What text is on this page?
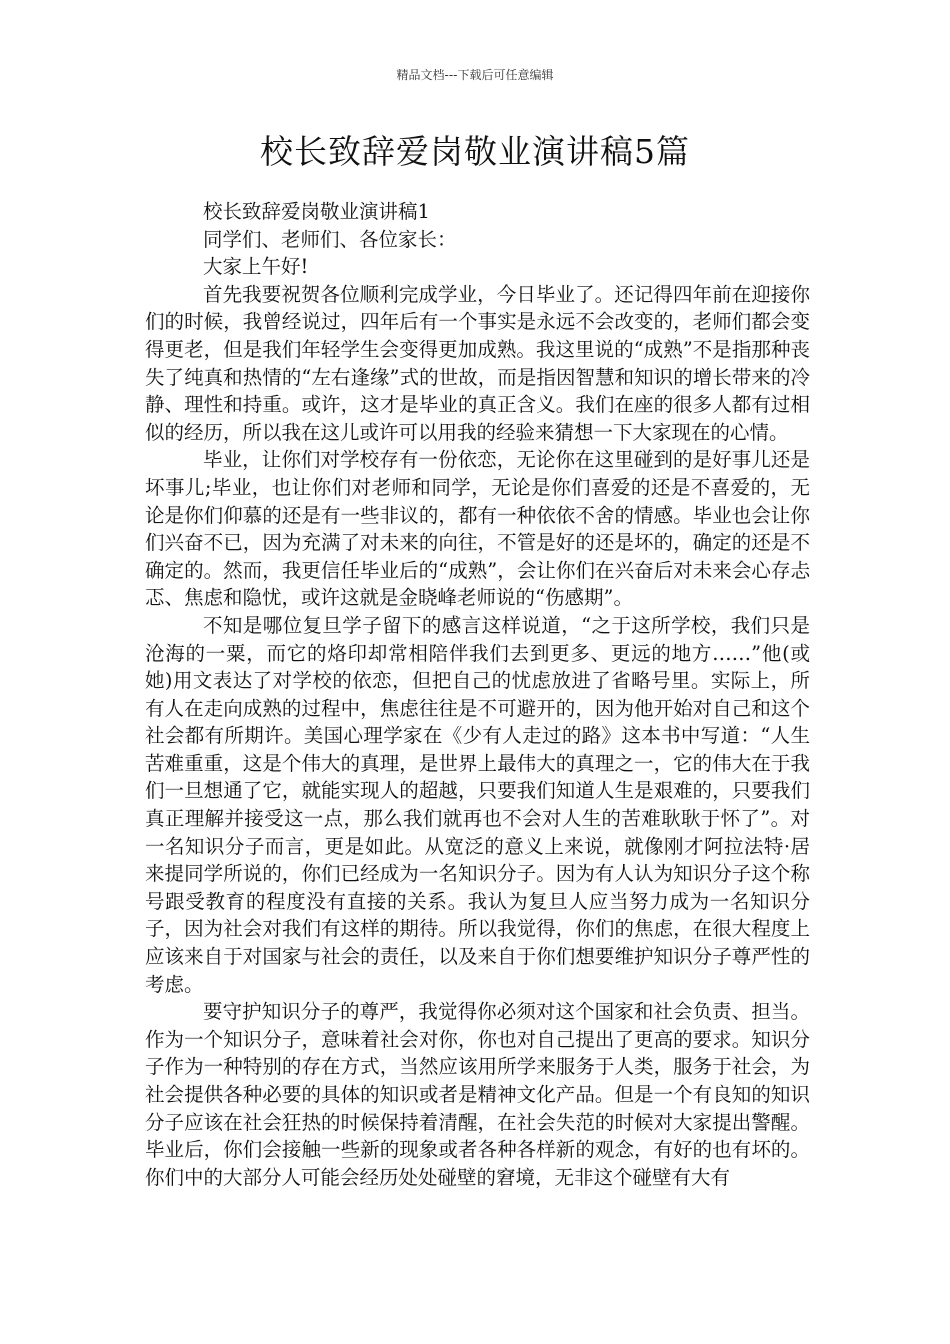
精品文档---下载后可任意编辑
校长致辞爱岗敬业演讲稿5篇

校长致辞爱岗敬业演讲稿1

同学们、老师们、各位家长：

大家上午好!

首先我要祝贺各位顺利完成学业，今日毕业了。还记得四年前在迎接你们的时候，我曾经说过，四年后有一个事实是永远不会改变的，老师们都会变得更老，但是我们年轻学生会变得更加成熟。我这里说的“成熟”不是指那种丧失了纯真和热情的“左右逢缘”式的世故，而是指因智慧和知识的增长带来的冷静、理性和持重。或许，这才是毕业的真正含义。我们在座的很多人都有过相似的经历，所以我在这儿或许可以用我的经验来猜想一下大家现在的心情。

毕业，让你们对学校存有一份依恋，无论你在这里碰到的是好事儿还是坏事儿;毕业，也让你们对老师和同学，无论是你们喜爱的还是不喜爱的，无论是你们仰慕的还是有一些非议的，都有一种依依不舍的情感。毕业也会让你们兴奋不已，因为充满了对未来的向往，不管是好的还是坏的，确定的还是不确定的。然而，我更信任毕业后的“成熟”，会让你们在兴奋后对未来会心存忐忑、焦虑和隐忧，或许这就是金晓峰老师说的“伤感期”。

不知是哪位复旦学子留下的感言这样说道，“之于这所学校，我们只是沧海的一粟，而它的烙印却常相陪伴我们去到更多、更远的地方……”他(或她)用文表达了对学校的依恋，但把自己的忧虑放进了省略号里。实际上，所有人在走向成熟的过程中，焦虑往往是不可避开的，因为他开始对自己和这个社会都有所期许。美国心理学家在《少有人走过的路》这本书中写道：“人生苦难重重，这是个伟大的真理，是世界上最伟大的真理之一，它的伟大在于我们一旦想通了它，就能实现人的超越，只要我们知道人生是艰难的，只要我们真正理解并接受这一点，那么我们就再也不会对人生的苦难耿耿于怀了”。对一名知识分子而言，更是如此。从宽泛的意义上来说，就像刚才阿拉法特·居来提同学所说的，你们已经成为一名知识分子。因为有人认为知识分子这个称号跟受教育的程度没有直接的关系。我认为复旦人应当努力成为一名知识分子，因为社会对我们有这样的期待。所以我觉得，你们的焦虑，在很大程度上应该来自于对国家与社会的责任，以及来自于你们想要维护知识分子尊严性的考虑。

要守护知识分子的尊严，我觉得你必须对这个国家和社会负责、担当。作为一个知识分子，意味着社会对你，你也对自己提出了更高的要求。知识分子作为一种特别的存在方式，当然应该用所学来服务于人类，服务于社会，为社会提供各种必要的具体的知识或者是精神文化产品。但是一个有良知的知识分子应该在社会狂热的时候保持着清醒，在社会失范的时候对大家提出警醒。毕业后，你们会接触一些新的现象或者各种各样新的观念，有好的也有坏的。你们中的大部分人可能会经历处处碰壁的窘境，无非这个碰壁有大有
